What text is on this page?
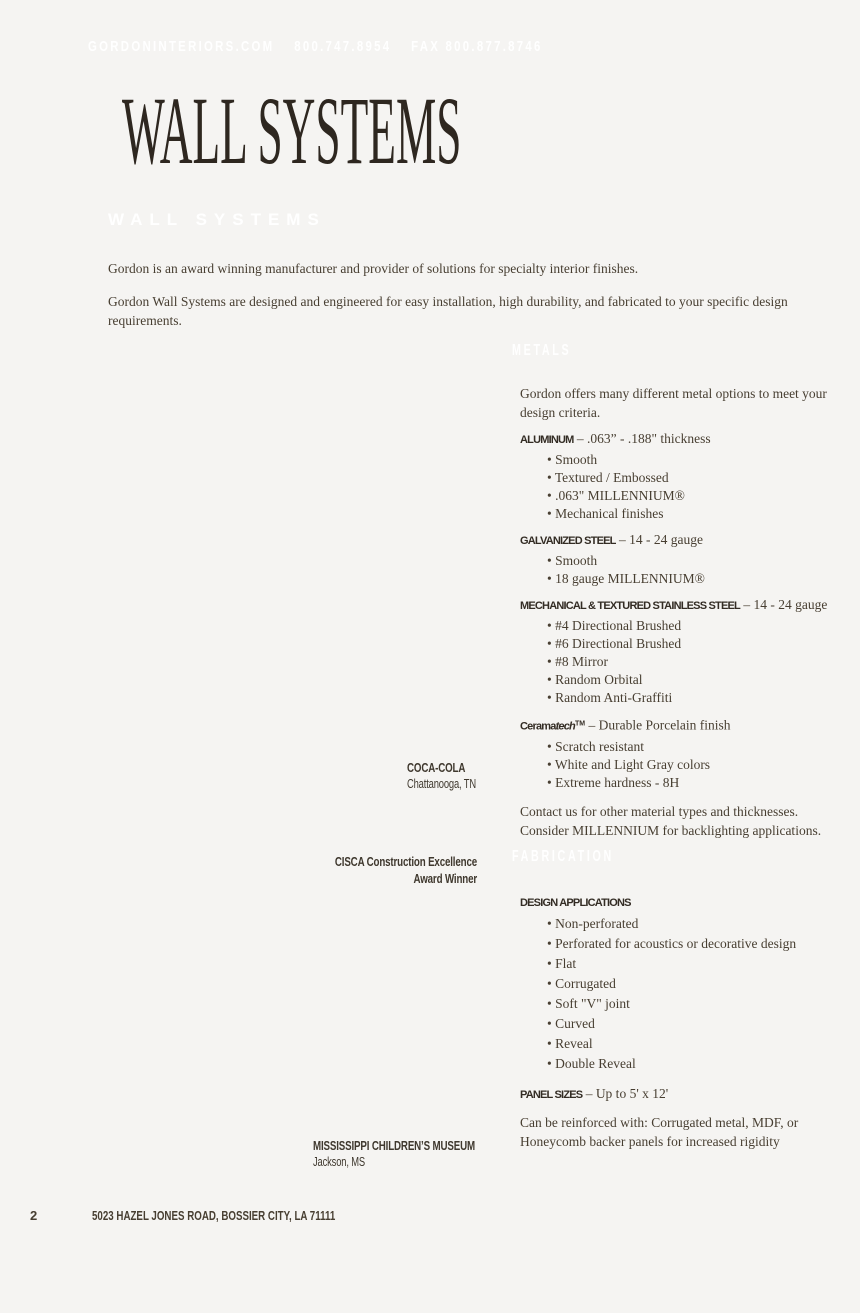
GORDONINTERIORS.COM 800.747.8954 FAX 800.877.8746
WALL SYSTEMS
WALL SYSTEMS

Gordon is an award winning manufacturer and provider of solutions for specialty interior finishes.

Gordon Wall Systems are designed and engineered for easy installation, high durability, and fabricated to your specific design requirements.

METALS

Gordon offers many different metal options to meet your design criteria.

ALUMINUM – .063” - .188" thickness
• Smooth
• Textured / Embossed
• .063" MILLENNIUM®
• Mechanical finishes
GALVANIZED STEEL – 14 - 24 gauge
• Smooth
• 18 gauge MILLENNIUM®
MECHANICAL & TEXTURED STAINLESS STEEL – 14 - 24 gauge
• #4 Directional Brushed
• #6 Directional Brushed
• #8 Mirror
• Random Orbital
• Random Anti-Graffiti
Ceramatech™ – Durable Porcelain finish
• Scratch resistant
• White and Light Gray colors
• Extreme hardness - 8H

Contact us for other material types and thicknesses. Consider MILLENNIUM for backlighting applications.

FABRICATION
DESIGN APPLICATIONS
• Non-perforated
• Perforated for acoustics or decorative design
• Flat
• Corrugated
• Soft "V" joint
• Curved
• Reveal
• Double Reveal
PANEL SIZES – Up to 5' x 12'

Can be reinforced with: Corrugated metal, MDF, or Honeycomb backer panels for increased rigidity

COCA-COLA
Chattanooga, TN
CISCA Construction Excellence
Award Winner
MISSISSIPPI CHILDREN’S MUSEUM
Jackson, MS
2	5023 HAZEL JONES ROAD, BOSSIER CITY, LA 71111
